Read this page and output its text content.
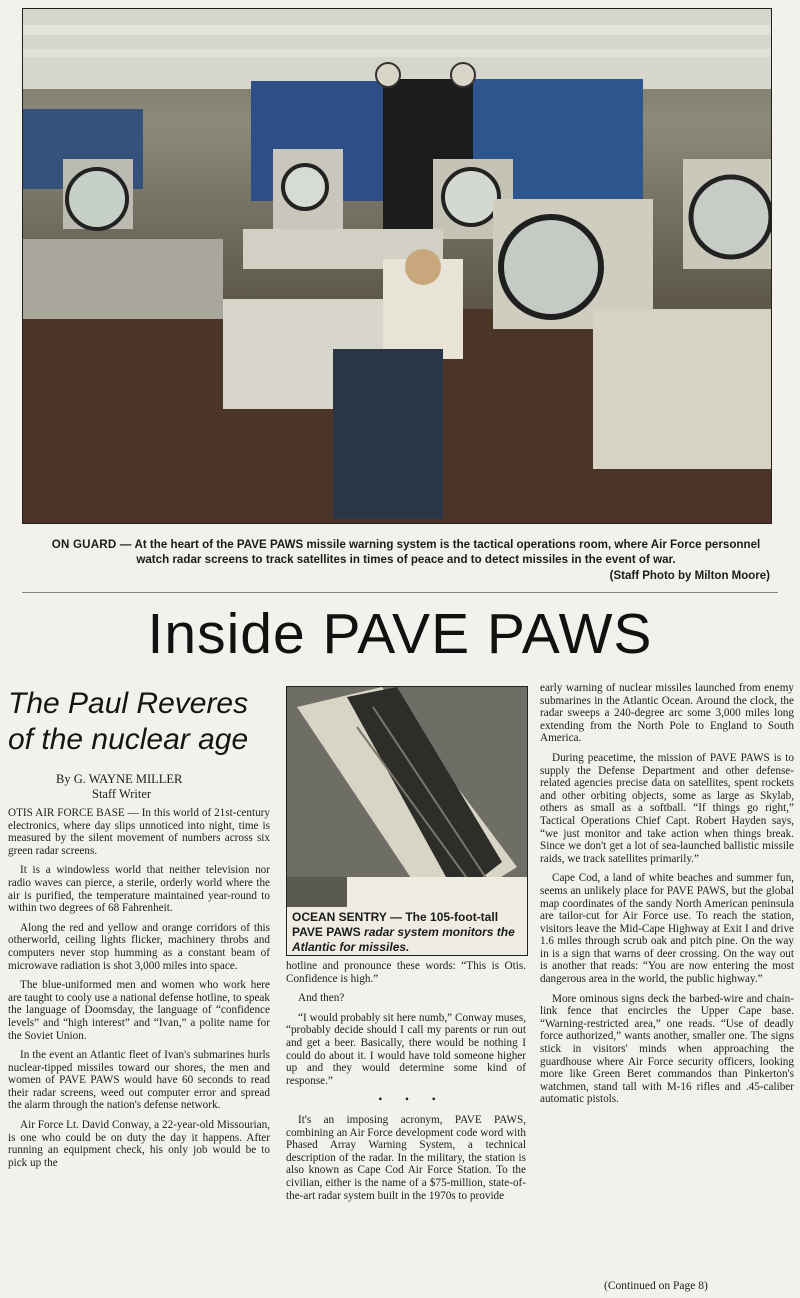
ON GUARD — At the heart of the PAVE PAWS missile warning system is the tactical operations room, where Air Force personnel watch radar screens to track satellites in times of peace and to detect missiles in the event of war.
(Staff Photo by Milton Moore)
Inside PAVE PAWS
The Paul Reveres of the nuclear age
By G. WAYNE MILLER
Staff Writer

OTIS AIR FORCE BASE — In this world of 21st-century electronics, where day slips unnoticed into night, time is measured by the silent movement of numbers across six green radar screens.

It is a windowless world that neither television nor radio waves can pierce, a sterile, orderly world where the air is purified, the temperature maintained year-round to within two degrees of 68 Fahrenheit.

Along the red and yellow and orange corridors of this otherworld, ceiling lights flicker, machinery throbs and computers never stop humming as a constant beam of microwave radiation is shot 3,000 miles into space.

The blue-uniformed men and women who work here are taught to cooly use a national defense hotline, to speak the language of Doomsday, the language of “confidence levels” and “high interest” and “Ivan,” a polite name for the Soviet Union.

In the event an Atlantic fleet of Ivan's submarines hurls nuclear-tipped missiles toward our shores, the men and women of PAVE PAWS would have 60 seconds to read their radar screens, weed out computer error and spread the alarm through the nation's defense network.

Air Force Lt. David Conway, a 22-year-old Missourian, is one who could be on duty the day it happens. After running an equipment check, his only job would be to pick up the

OCEAN SENTRY — The 105-foot-tall PAVE PAWS radar system monitors the Atlantic for missiles.

hotline and pronounce these words: “This is Otis. Confidence is high.”

And then?

“I would probably sit here numb,” Conway muses, “probably decide should I call my parents or run out and get a beer. Basically, there would be nothing I could do about it. I would have told someone higher up and they would determine some kind of response.”

• • •

It's an imposing acronym, PAVE PAWS, combining an Air Force development code word with Phased Array Warning System, a technical description of the radar. In the military, the station is also known as Cape Cod Air Force Station. To the civilian, either is the name of a $75-million, state-of-the-art radar system built in the 1970s to provide

early warning of nuclear missiles launched from enemy submarines in the Atlantic Ocean. Around the clock, the radar sweeps a 240-degree arc some 3,000 miles long extending from the North Pole to England to South America.

During peacetime, the mission of PAVE PAWS is to supply the Defense Department and other defense-related agencies precise data on satellites, spent rockets and other orbiting objects, some as large as Skylab, others as small as a softball. “If things go right,” Tactical Operations Chief Capt. Robert Hayden says, “we just monitor and take action when things break. Since we don't get a lot of sea-launched ballistic missile raids, we track satellites primarily.”

Cape Cod, a land of white beaches and summer fun, seems an unlikely place for PAVE PAWS, but the global map coordinates of the sandy North American peninsula are tailor-cut for Air Force use. To reach the station, visitors leave the Mid-Cape Highway at Exit I and drive 1.6 miles through scrub oak and pitch pine. On the way in is a sign that warns of deer crossing. On the way out is another that reads: “You are now entering the most dangerous area in the world, the public highway.”

More ominous signs deck the barbed-wire and chain-link fence that encircles the Upper Cape base. “Warning-restricted area,” one reads. “Use of deadly force authorized,” wants another, smaller one. The signs stick in visitors' minds when approaching the guardhouse where Air Force security officers, looking more like Green Beret commandos than Pinkerton's watchmen, stand tall with M-16 rifles and .45-caliber automatic pistols.

(Continued on Page 8)
